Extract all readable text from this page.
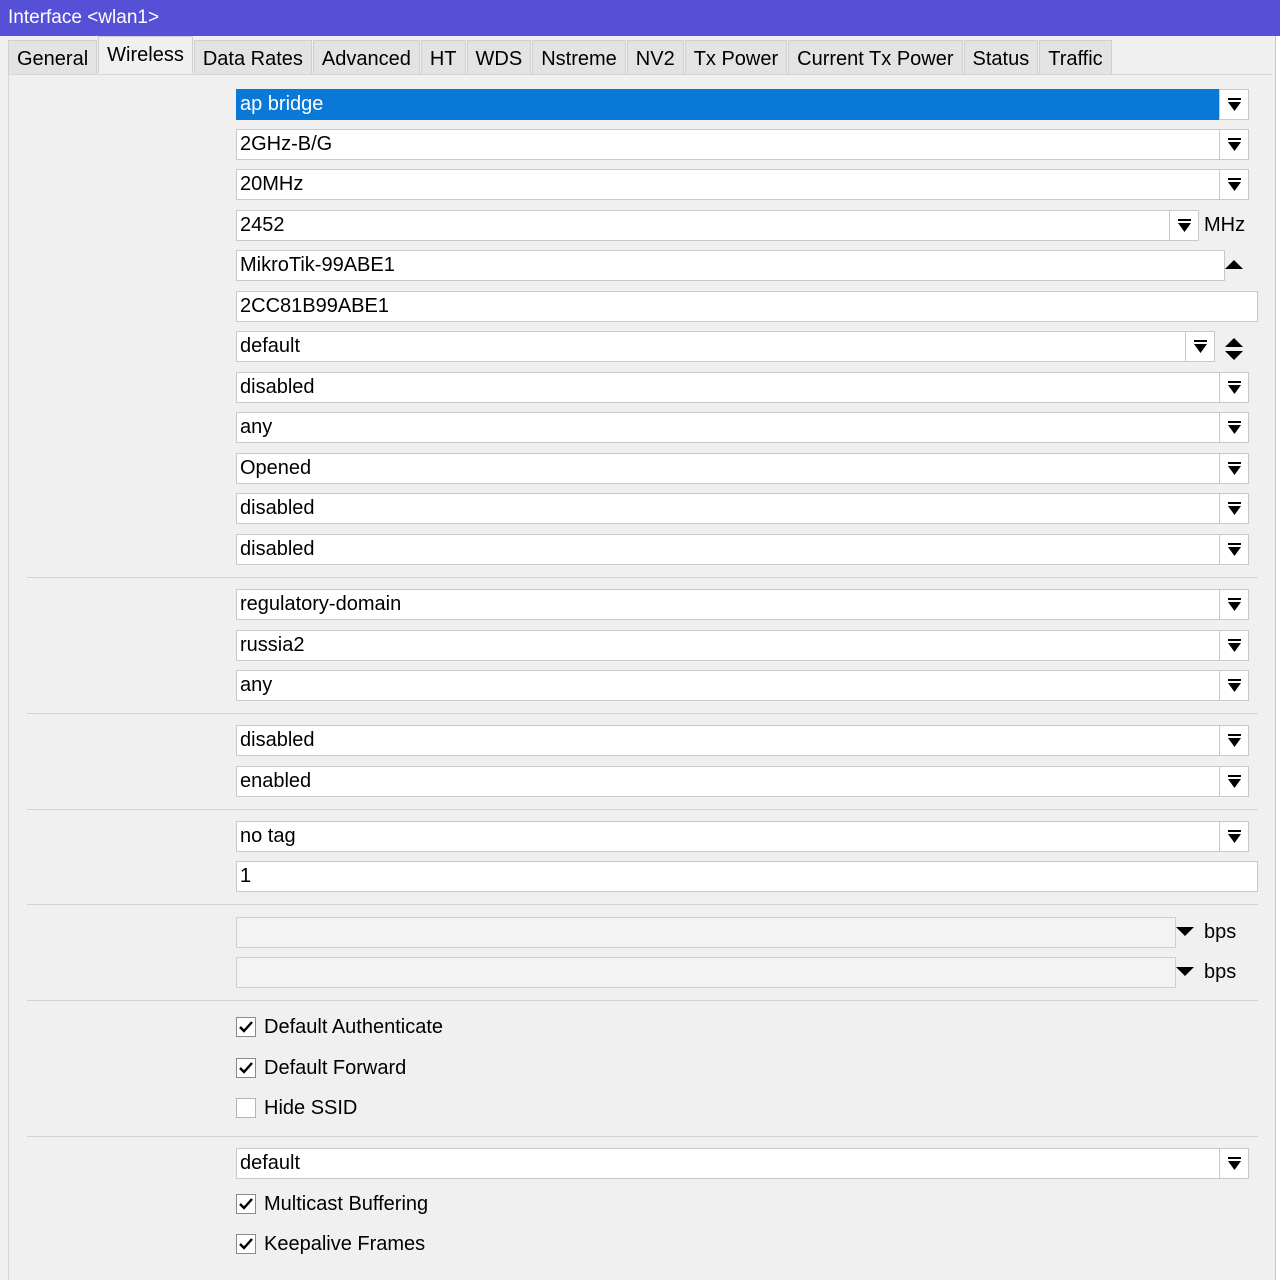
Interface <wlan1>
General Wireless Data Rates Advanced HT WDS Nstreme NV2 Tx Power Current Tx Power Status Traffic
ap bridge
2GHz-B/G
20MHz
2452	MHz
MikroTik-99ABE1
2CC81B99ABE1
default
disabled
any
Opened
disabled
disabled
regulatory-domain
russia2
any
disabled
enabled
no tag
1
bps
bps
Default Authenticate
Default Forward
Hide SSID
default
Multicast Buffering
Keepalive Frames
